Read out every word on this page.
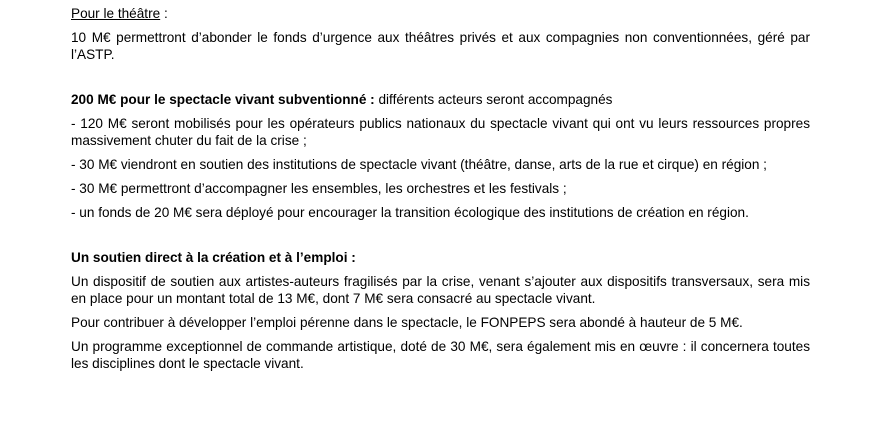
Pour le théâtre :

10 M€ permettront d’abonder le fonds d’urgence aux théâtres privés et aux compagnies non conventionnées, géré par l’ASTP.

200 M€ pour le spectacle vivant subventionné : différents acteurs seront accompagnés

- 120 M€ seront mobilisés pour les opérateurs publics nationaux du spectacle vivant qui ont vu leurs ressources propres massivement chuter du fait de la crise ;

- 30 M€ viendront en soutien des institutions de spectacle vivant (théâtre, danse, arts de la rue et cirque) en région ;

- 30 M€ permettront d’accompagner les ensembles, les orchestres et les festivals ;

- un fonds de 20 M€ sera déployé pour encourager la transition écologique des institutions de création en région.

Un soutien direct à la création et à l’emploi :

Un dispositif de soutien aux artistes-auteurs fragilisés par la crise, venant s’ajouter aux dispositifs transversaux, sera mis en place pour un montant total de 13 M€, dont 7 M€ sera consacré au spectacle vivant.

Pour contribuer à développer l’emploi pérenne dans le spectacle, le FONPEPS sera abondé à hauteur de 5 M€.

Un programme exceptionnel de commande artistique, doté de 30 M€, sera également mis en œuvre : il concernera toutes les disciplines dont le spectacle vivant.
